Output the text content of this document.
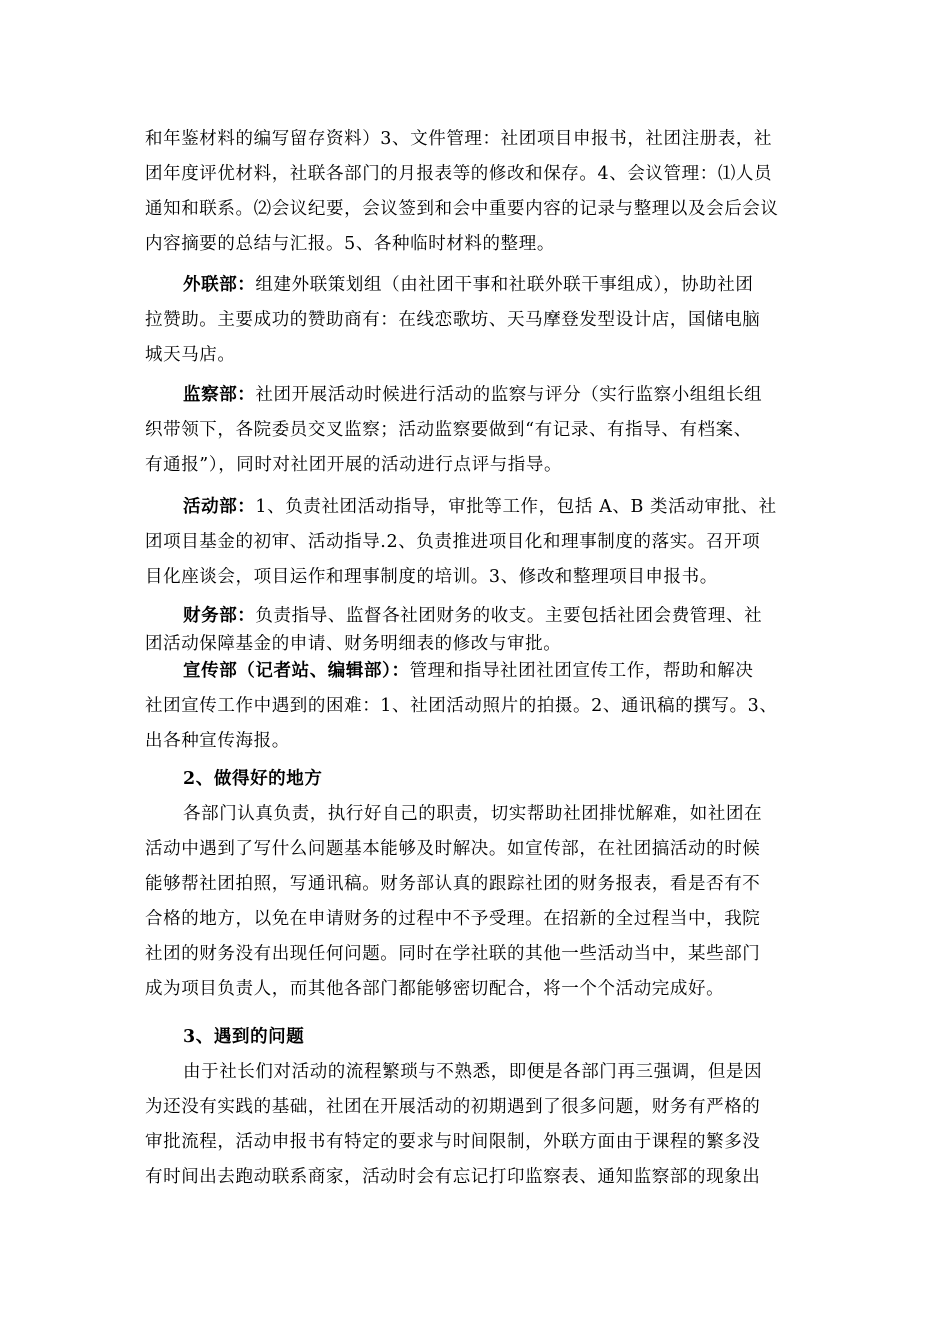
和年鉴材料的编写留存资料）3、文件管理：社团项目申报书，社团注册表，社
团年度评优材料，社联各部门的月报表等的修改和保存。4、会议管理：⑴人员
通知和联系。⑵会议纪要，会议签到和会中重要内容的记录与整理以及会后会议
内容摘要的总结与汇报。5、各种临时材料的整理。
外联部：组建外联策划组（由社团干事和社联外联干事组成），协助社团
拉赞助。主要成功的赞助商有：在线恋歌坊、天马摩登发型设计店，国储电脑
城天马店。
监察部：社团开展活动时候进行活动的监察与评分（实行监察小组组长组
织带领下，各院委员交叉监察；活动监察要做到“有记录、有指导、有档案、
有通报”），同时对社团开展的活动进行点评与指导。
活动部：1、负责社团活动指导，审批等工作，包括 A、B 类活动审批、社
团项目基金的初审、活动指导.2、负责推进项目化和理事制度的落实。召开项
目化座谈会，项目运作和理事制度的培训。3、修改和整理项目申报书。
财务部：负责指导、监督各社团财务的收支。主要包括社团会费管理、社
团活动保障基金的申请、财务明细表的修改与审批。
宣传部（记者站、编辑部）：管理和指导社团社团宣传工作，帮助和解决
社团宣传工作中遇到的困难：1、社团活动照片的拍摄。2、通讯稿的撰写。3、
出各种宣传海报。
2、做得好的地方
各部门认真负责，执行好自己的职责，切实帮助社团排忧解难，如社团在
活动中遇到了写什么问题基本能够及时解决。如宣传部，在社团搞活动的时候
能够帮社团拍照，写通讯稿。财务部认真的跟踪社团的财务报表，看是否有不
合格的地方，以免在申请财务的过程中不予受理。在招新的全过程当中，我院
社团的财务没有出现任何问题。同时在学社联的其他一些活动当中，某些部门
成为项目负责人，而其他各部门都能够密切配合，将一个个活动完成好。
3、遇到的问题
由于社长们对活动的流程繁琐与不熟悉，即便是各部门再三强调，但是因
为还没有实践的基础，社团在开展活动的初期遇到了很多问题，财务有严格的
审批流程，活动申报书有特定的要求与时间限制，外联方面由于课程的繁多没
有时间出去跑动联系商家，活动时会有忘记打印监察表、通知监察部的现象出
